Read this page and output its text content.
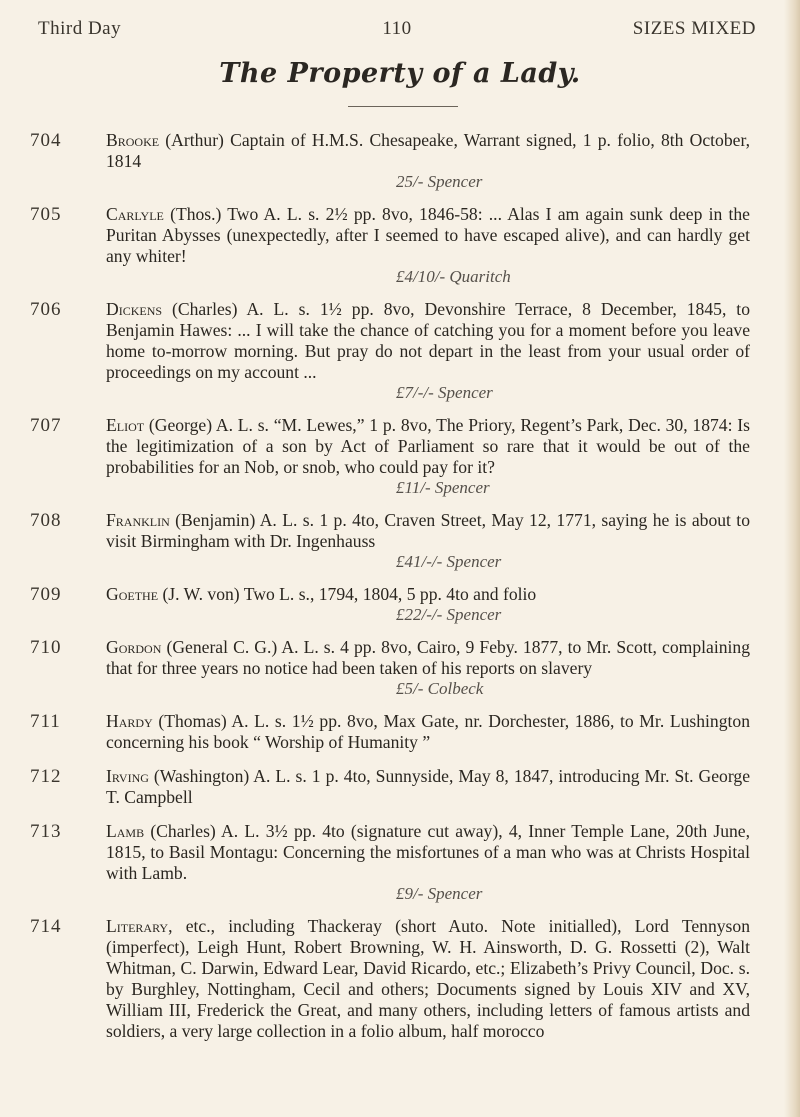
Third Day	110	SIZES MIXED
The Property of a Lady.
704	Brooke (Arthur) Captain of H.M.S. Chesapeake, Warrant signed, 1 p. folio, 8th October, 1814
25/- Spencer
705	Carlyle (Thos.) Two A. L. s. 2½ pp. 8vo, 1846-58: ... Alas I am again sunk deep in the Puritan Abysses (unexpectedly, after I seemed to have escaped alive), and can hardly get any whiter!
£4/10/- Quaritch
706	Dickens (Charles) A. L. s. 1½ pp. 8vo, Devonshire Terrace, 8 December, 1845, to Benjamin Hawes: ... I will take the chance of catching you for a moment before you leave home to-morrow morning. But pray do not depart in the least from your usual order of proceedings on my account ...
£7/-/- Spencer
707	Eliot (George) A. L. s. “M. Lewes,” 1 p. 8vo, The Priory, Regent’s Park, Dec. 30, 1874: Is the legitimization of a son by Act of Parliament so rare that it would be out of the probabilities for an Nob, or snob, who could pay for it?
£11/- Spencer
708	Franklin (Benjamin) A. L. s. 1 p. 4to, Craven Street, May 12, 1771, saying he is about to visit Birmingham with Dr. Ingenhauss
£41/-/- Spencer
709	Goethe (J. W. von) Two L. s., 1794, 1804, 5 pp. 4to and folio
£22/-/- Spencer
710	Gordon (General C. G.) A. L. s. 4 pp. 8vo, Cairo, 9 Feby. 1877, to Mr. Scott, complaining that for three years no notice had been taken of his reports on slavery
£5/- Colbeck
711	Hardy (Thomas) A. L. s. 1½ pp. 8vo, Max Gate, nr. Dorchester, 1886, to Mr. Lushington concerning his book “ Worship of Humanity ”
712	Irving (Washington) A. L. s. 1 p. 4to, Sunnyside, May 8, 1847, introducing Mr. St. George T. Campbell
713	Lamb (Charles) A. L. 3½ pp. 4to (signature cut away), 4, Inner Temple Lane, 20th June, 1815, to Basil Montagu: Concerning the misfortunes of a man who was at Christs Hospital with Lamb.
£9/- Spencer
714	Literary, etc., including Thackeray (short Auto. Note initialled), Lord Tennyson (imperfect), Leigh Hunt, Robert Browning, W. H. Ainsworth, D. G. Rossetti (2), Walt Whitman, C. Darwin, Edward Lear, David Ricardo, etc.; Elizabeth’s Privy Council, Doc. s. by Burghley, Nottingham, Cecil and others; Documents signed by Louis XIV and XV, William III, Frederick the Great, and many others, including letters of famous artists and soldiers, a very large collection in a folio album, half morocco
